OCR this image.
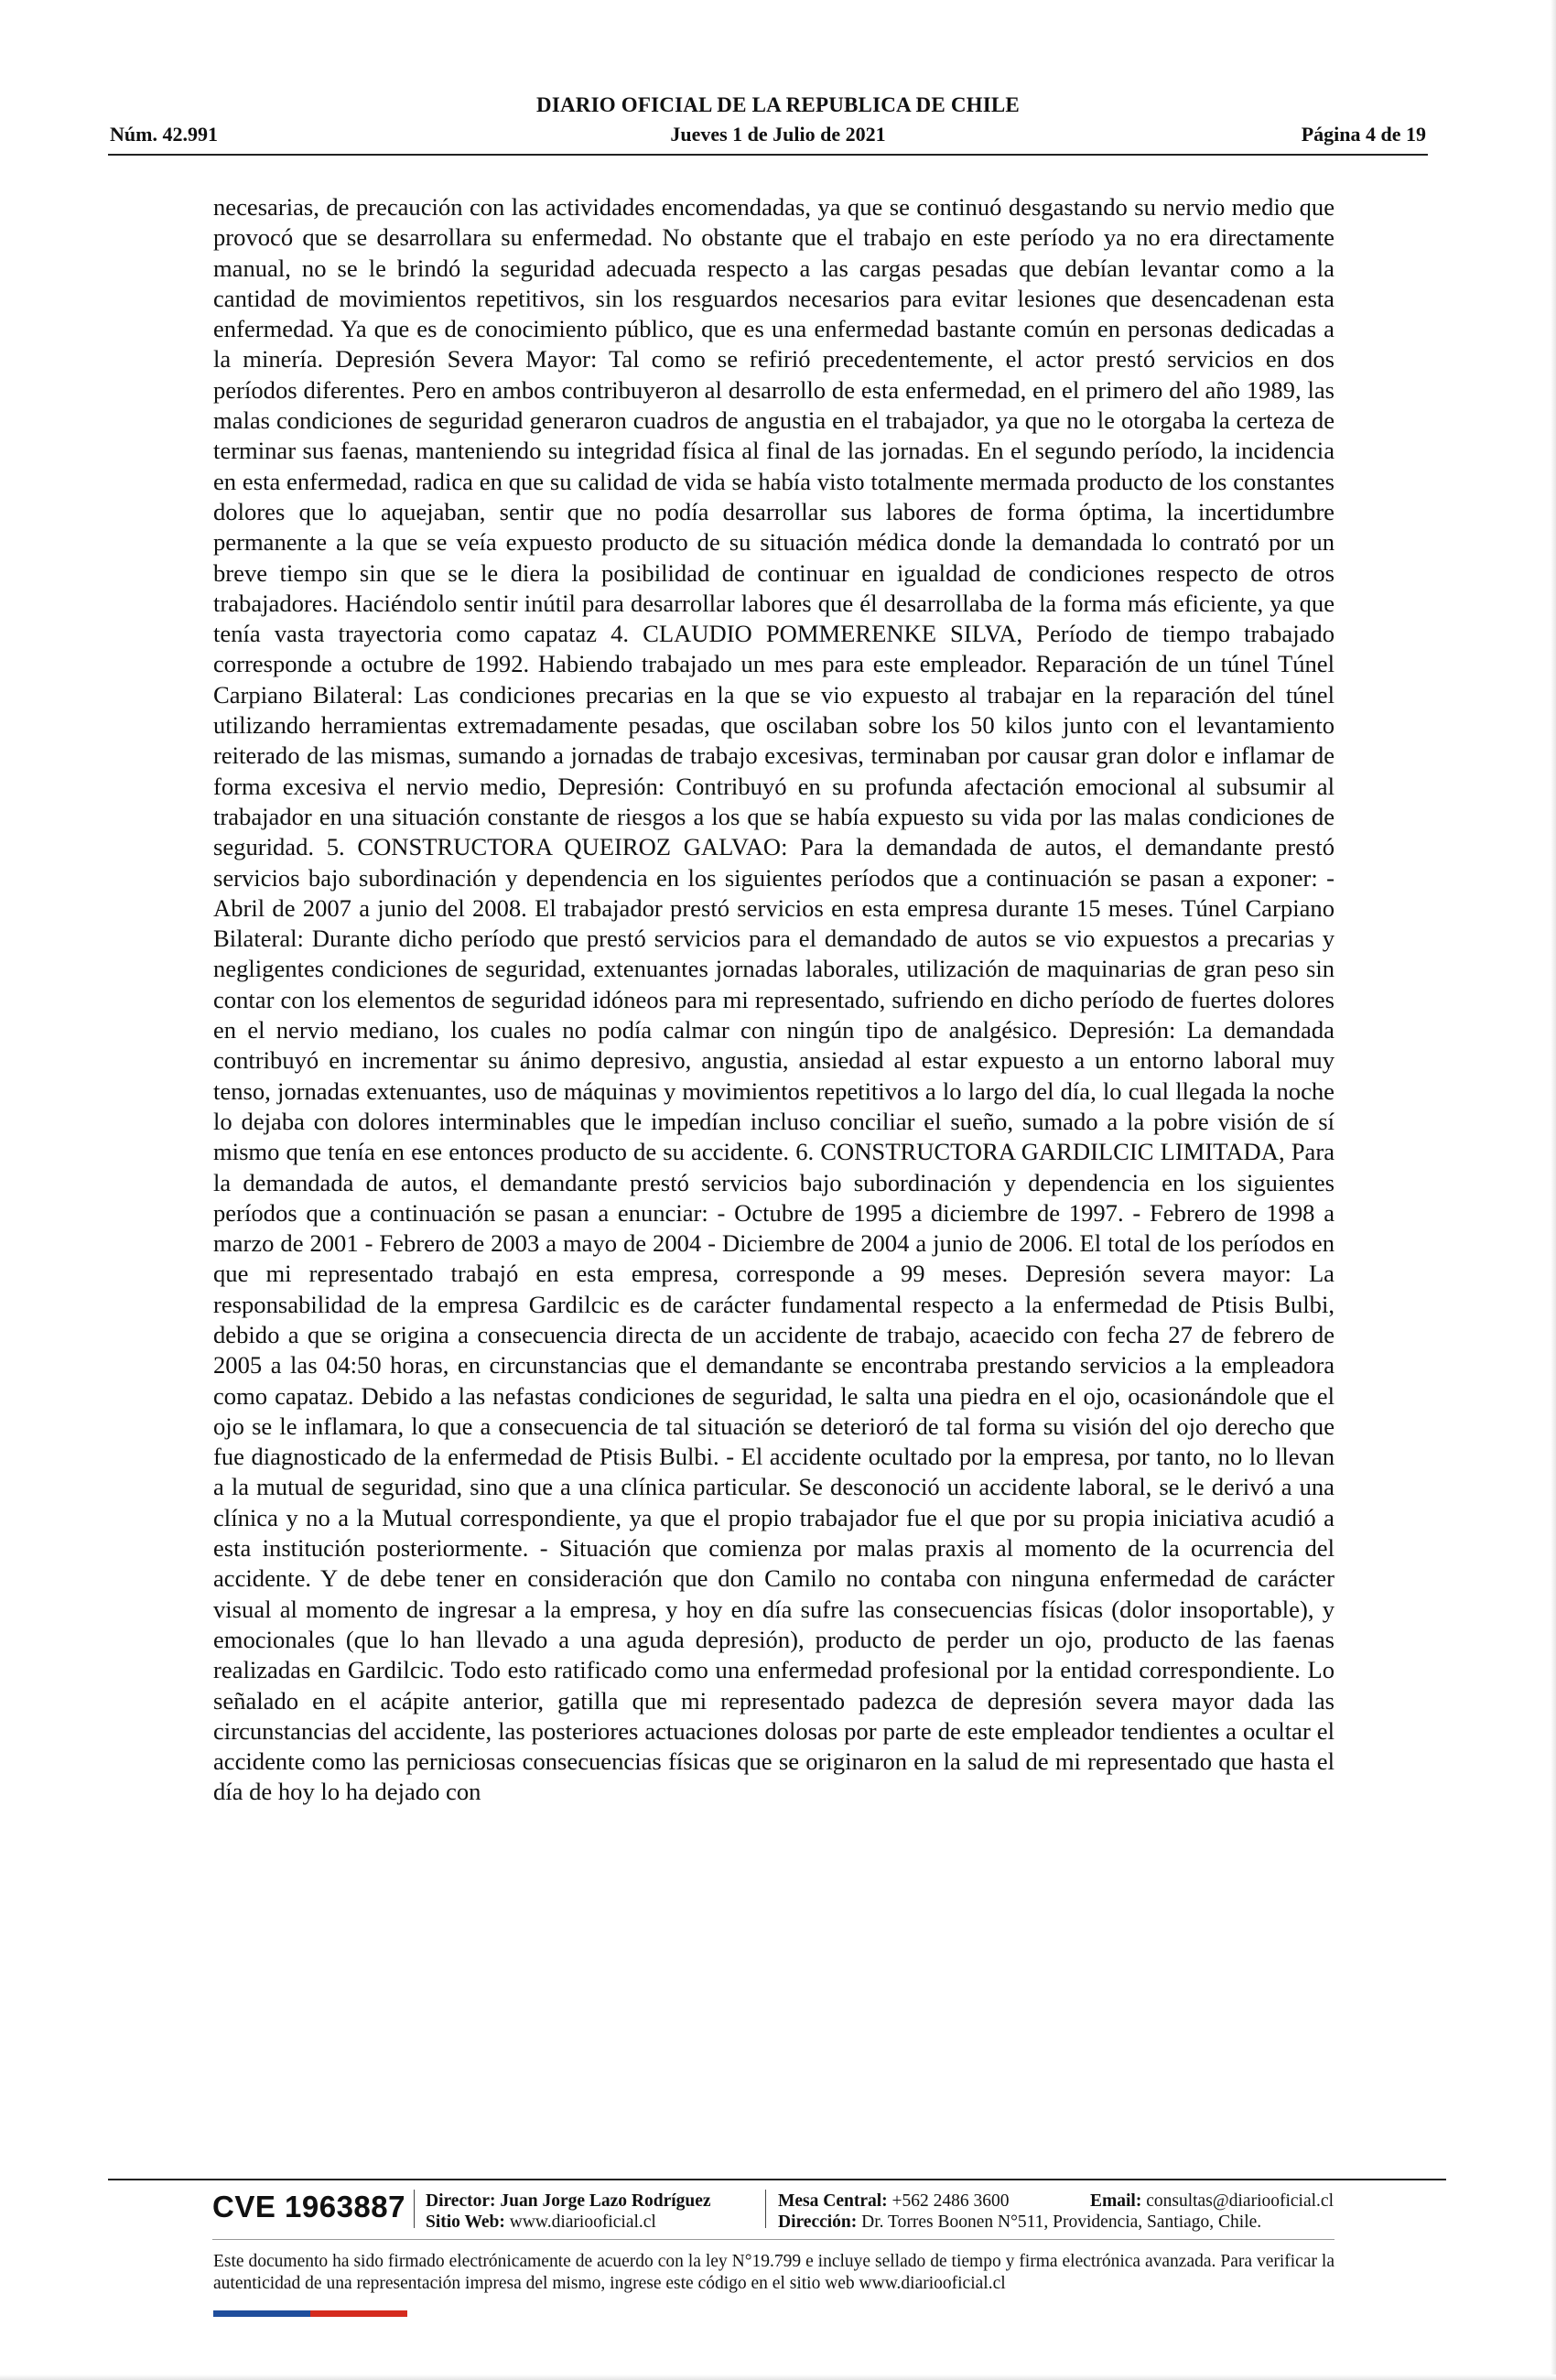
DIARIO OFICIAL DE LA REPUBLICA DE CHILE
Núm. 42.991	Jueves 1 de Julio de 2021	Página 4 de 19
necesarias, de precaución con las actividades encomendadas, ya que se continuó desgastando su nervio medio que provocó que se desarrollara su enfermedad. No obstante que el trabajo en este período ya no era directamente manual, no se le brindó la seguridad adecuada respecto a las cargas pesadas que debían levantar como a la cantidad de movimientos repetitivos, sin los resguardos necesarios para evitar lesiones que desencadenan esta enfermedad. Ya que es de conocimiento público, que es una enfermedad bastante común en personas dedicadas a la minería. Depresión Severa Mayor: Tal como se refirió precedentemente, el actor prestó servicios en dos períodos diferentes. Pero en ambos contribuyeron al desarrollo de esta enfermedad, en el primero del año 1989, las malas condiciones de seguridad generaron cuadros de angustia en el trabajador, ya que no le otorgaba la certeza de terminar sus faenas, manteniendo su integridad física al final de las jornadas. En el segundo período, la incidencia en esta enfermedad, radica en que su calidad de vida se había visto totalmente mermada producto de los constantes dolores que lo aquejaban, sentir que no podía desarrollar sus labores de forma óptima, la incertidumbre permanente a la que se veía expuesto producto de su situación médica donde la demandada lo contrató por un breve tiempo sin que se le diera la posibilidad de continuar en igualdad de condiciones respecto de otros trabajadores. Haciéndolo sentir inútil para desarrollar labores que él desarrollaba de la forma más eficiente, ya que tenía vasta trayectoria como capataz 4. CLAUDIO POMMERENKE SILVA, Período de tiempo trabajado corresponde a octubre de 1992. Habiendo trabajado un mes para este empleador. Reparación de un túnel Túnel Carpiano Bilateral: Las condiciones precarias en la que se vio expuesto al trabajar en la reparación del túnel utilizando herramientas extremadamente pesadas, que oscilaban sobre los 50 kilos junto con el levantamiento reiterado de las mismas, sumando a jornadas de trabajo excesivas, terminaban por causar gran dolor e inflamar de forma excesiva el nervio medio, Depresión: Contribuyó en su profunda afectación emocional al subsumir al trabajador en una situación constante de riesgos a los que se había expuesto su vida por las malas condiciones de seguridad. 5. CONSTRUCTORA QUEIROZ GALVAO: Para la demandada de autos, el demandante prestó servicios bajo subordinación y dependencia en los siguientes períodos que a continuación se pasan a exponer: - Abril de 2007 a junio del 2008. El trabajador prestó servicios en esta empresa durante 15 meses. Túnel Carpiano Bilateral: Durante dicho período que prestó servicios para el demandado de autos se vio expuestos a precarias y negligentes condiciones de seguridad, extenuantes jornadas laborales, utilización de maquinarias de gran peso sin contar con los elementos de seguridad idóneos para mi representado, sufriendo en dicho período de fuertes dolores en el nervio mediano, los cuales no podía calmar con ningún tipo de analgésico. Depresión: La demandada contribuyó en incrementar su ánimo depresivo, angustia, ansiedad al estar expuesto a un entorno laboral muy tenso, jornadas extenuantes, uso de máquinas y movimientos repetitivos a lo largo del día, lo cual llegada la noche lo dejaba con dolores interminables que le impedían incluso conciliar el sueño, sumado a la pobre visión de sí mismo que tenía en ese entonces producto de su accidente. 6. CONSTRUCTORA GARDILCIC LIMITADA, Para la demandada de autos, el demandante prestó servicios bajo subordinación y dependencia en los siguientes períodos que a continuación se pasan a enunciar: - Octubre de 1995 a diciembre de 1997. - Febrero de 1998 a marzo de 2001 - Febrero de 2003 a mayo de 2004 - Diciembre de 2004 a junio de 2006. El total de los períodos en que mi representado trabajó en esta empresa, corresponde a 99 meses. Depresión severa mayor: La responsabilidad de la empresa Gardilcic es de carácter fundamental respecto a la enfermedad de Ptisis Bulbi, debido a que se origina a consecuencia directa de un accidente de trabajo, acaecido con fecha 27 de febrero de 2005 a las 04:50 horas, en circunstancias que el demandante se encontraba prestando servicios a la empleadora como capataz. Debido a las nefastas condiciones de seguridad, le salta una piedra en el ojo, ocasionándole que el ojo se le inflamara, lo que a consecuencia de tal situación se deterioró de tal forma su visión del ojo derecho que fue diagnosticado de la enfermedad de Ptisis Bulbi. - El accidente ocultado por la empresa, por tanto, no lo llevan a la mutual de seguridad, sino que a una clínica particular. Se desconoció un accidente laboral, se le derivó a una clínica y no a la Mutual correspondiente, ya que el propio trabajador fue el que por su propia iniciativa acudió a esta institución posteriormente. - Situación que comienza por malas praxis al momento de la ocurrencia del accidente. Y de debe tener en consideración que don Camilo no contaba con ninguna enfermedad de carácter visual al momento de ingresar a la empresa, y hoy en día sufre las consecuencias físicas (dolor insoportable), y emocionales (que lo han llevado a una aguda depresión), producto de perder un ojo, producto de las faenas realizadas en Gardilcic. Todo esto ratificado como una enfermedad profesional por la entidad correspondiente. Lo señalado en el acápite anterior, gatilla que mi representado padezca de depresión severa mayor dada las circunstancias del accidente, las posteriores actuaciones dolosas por parte de este empleador tendientes a ocultar el accidente como las perniciosas consecuencias físicas que se originaron en la salud de mi representado que hasta el día de hoy lo ha dejado con
CVE 1963887 Director: Juan Jorge Lazo Rodríguez
Sitio Web: www.diariooficial.cl
Mesa Central: +562 2486 3600
Dirección: Dr. Torres Boonen N°511, Providencia, Santiago, Chile.
Email: consultas@diariooficial.cl
Este documento ha sido firmado electrónicamente de acuerdo con la ley N°19.799 e incluye sellado de tiempo y firma electrónica avanzada. Para verificar la autenticidad de una representación impresa del mismo, ingrese este código en el sitio web www.diariooficial.cl
